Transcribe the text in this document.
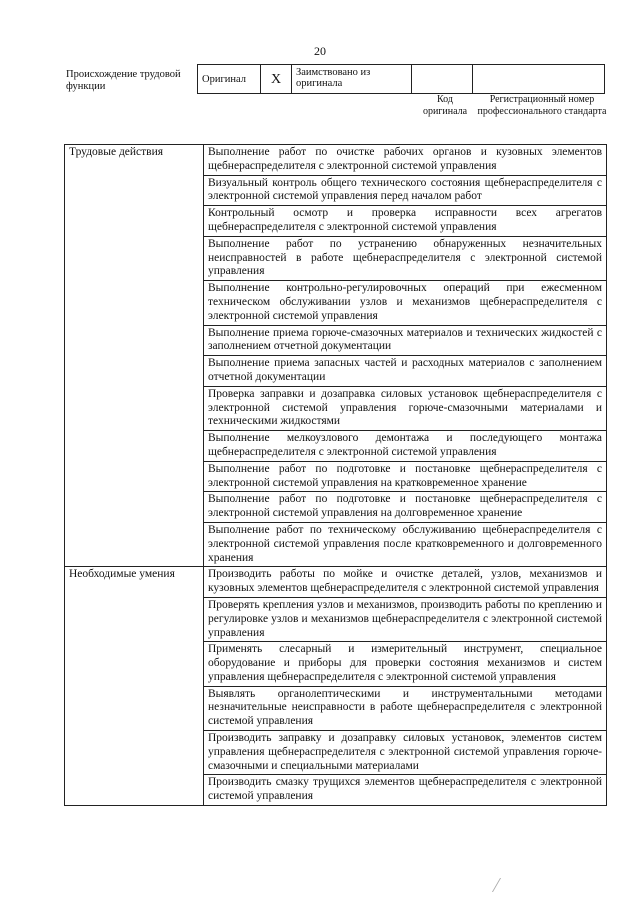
20
Происхождение трудовой функции
Оригинал	X	Заимствовано из оригинала		
Код оригинала
Регистрационный номер профессионального стандарта
Трудовые действия	Выполнение работ по очистке рабочих органов и кузовных элементов щебнераспределителя с электронной системой управления
	Визуальный контроль общего технического состояния щебнераспределителя с электронной системой управления перед началом работ
	Контрольный осмотр и проверка исправности всех агрегатов щебнераспределителя с электронной системой управления
	Выполнение работ по устранению обнаруженных незначительных неисправностей в работе щебнераспределителя с электронной системой управления
	Выполнение контрольно-регулировочных операций при ежесменном техническом обслуживании узлов и механизмов щебнераспределителя с электронной системой управления
	Выполнение приема горюче-смазочных материалов и технических жидкостей с заполнением отчетной документации
	Выполнение приема запасных частей и расходных материалов с заполнением отчетной документации
	Проверка заправки и дозаправка силовых установок щебнераспределителя с электронной системой управления горюче-смазочными материалами и техническими жидкостями
	Выполнение мелкоузлового демонтажа и последующего монтажа щебнераспределителя с электронной системой управления
	Выполнение работ по подготовке и постановке щебнераспределителя с электронной системой управления на кратковременное хранение
	Выполнение работ по подготовке и постановке щебнераспределителя с электронной системой управления на долговременное хранение
	Выполнение работ по техническому обслуживанию щебнераспределителя с электронной системой управления после кратковременного и долговременного хранения
Необходимые умения	Производить работы по мойке и очистке деталей, узлов, механизмов и кузовных элементов щебнераспределителя с электронной системой управления
	Проверять крепления узлов и механизмов, производить работы по креплению и регулировке узлов и механизмов щебнераспределителя с электронной системой управления
	Применять слесарный и измерительный инструмент, специальное оборудование и приборы для проверки состояния механизмов и систем управления щебнераспределителя с электронной системой управления
	Выявлять органолептическими и инструментальными методами незначительные неисправности в работе щебнераспределителя с электронной системой управления
	Производить заправку и дозаправку силовых установок, элементов систем управления щебнераспределителя с электронной системой управления горюче-смазочными и специальными материалами
	Производить смазку трущихся элементов щебнераспределителя с электронной системой управления
